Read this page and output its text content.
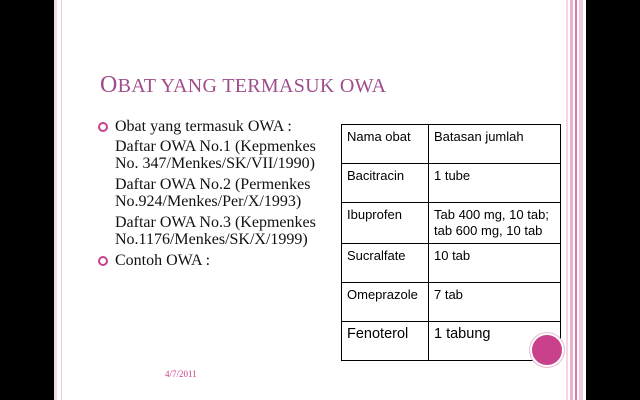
OBAT YANG TERMASUK OWA
Obat yang termasuk OWA :
Daftar OWA No.1 (Kepmenkes No. 347/Menkes/SK/VII/1990)
Daftar OWA No.2 (Permenkes No.924/Menkes/Per/X/1993)
Daftar OWA No.3 (Kepmenkes No.1176/Menkes/SK/X/1999)
Contoh OWA :
Nama obat	Batasan jumlah
Bacitracin	1 tube
Ibuprofen	Tab 400 mg, 10 tab; tab 600 mg, 10 tab
Sucralfate	10 tab
Omeprazole	7 tab
Fenoterol	1 tabung
4/7/2011
